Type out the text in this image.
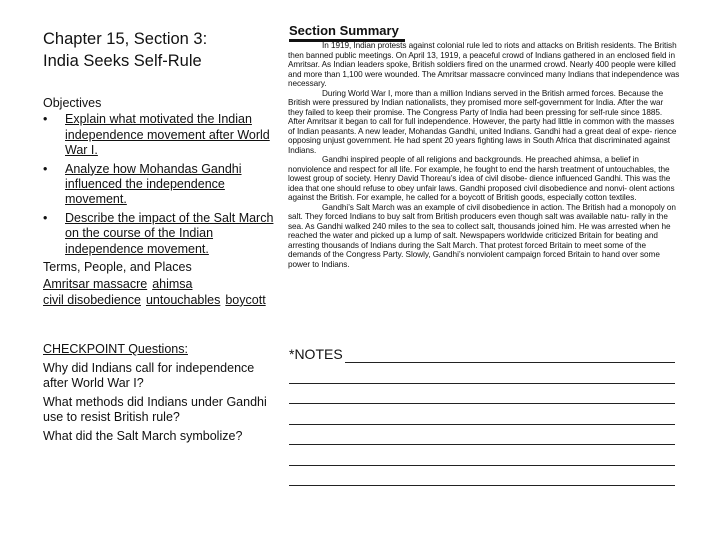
Chapter 15, Section 3:
India Seeks Self-Rule
Objectives
• Explain what motivated the Indian independence movement after World War I.
• Analyze how Mohandas Gandhi influenced the independence movement.
• Describe the impact of the Salt March on the course of the Indian independence movement.
Terms, People, and Places
Amritsar massacre ahimsa
civil disobedience untouchables boycott
CHECKPOINT Questions:
Why did Indians call for independence after World War I?
What methods did Indians under Gandhi use to resist British rule?
What did the Salt March symbolize?
Section Summary

In 1919, Indian protests against colonial rule led to riots and attacks on British residents. The British then banned public meetings. On April 13, 1919, a peaceful crowd of Indians gathered in an enclosed field in Amritsar. As Indian leaders spoke, British soldiers fired on the unarmed crowd. Nearly 400 people were killed and more than 1,100 were wounded. The Amritsar massacre convinced many Indians that independence was necessary.

During World War I, more than a million Indians served in the British armed forces. Because the British were pressured by Indian nationalists, they promised more self-government for India. After the war they failed to keep their promise. The Congress Party of India had been pressing for self-rule since 1885. After Amritsar it began to call for full independence. However, the party had little in common with the masses of Indian peasants. A new leader, Mohandas Gandhi, united Indians. Gandhi had a great deal of expe- rience opposing unjust government. He had spent 20 years fighting laws in South Africa that discriminated against Indians.

Gandhi inspired people of all religions and backgrounds. He preached ahimsa, a belief in nonviolence and respect for all life. For example, he fought to end the harsh treatment of untouchables, the lowest group of society. Henry David Thoreau’s idea of civil disobe- dience influenced Gandhi. This was the idea that one should refuse to obey unfair laws. Gandhi proposed civil disobedience and nonvi- olent actions against the British. For example, he called for a boycott of British goods, especially cotton textiles.

Gandhi’s Salt March was an example of civil disobedience in action. The British had a monopoly on salt. They forced Indians to buy salt from British producers even though salt was available natu- rally in the sea. As Gandhi walked 240 miles to the sea to collect salt, thousands joined him. He was arrested when he reached the water and picked up a lump of salt. Newspapers worldwide criticized Britain for beating and arresting thousands of Indians during the Salt March. That protest forced Britain to meet some of the demands of the Congress Party. Slowly, Gandhi’s nonviolent campaign forced Britain to hand over some power to Indians.

*NOTES
